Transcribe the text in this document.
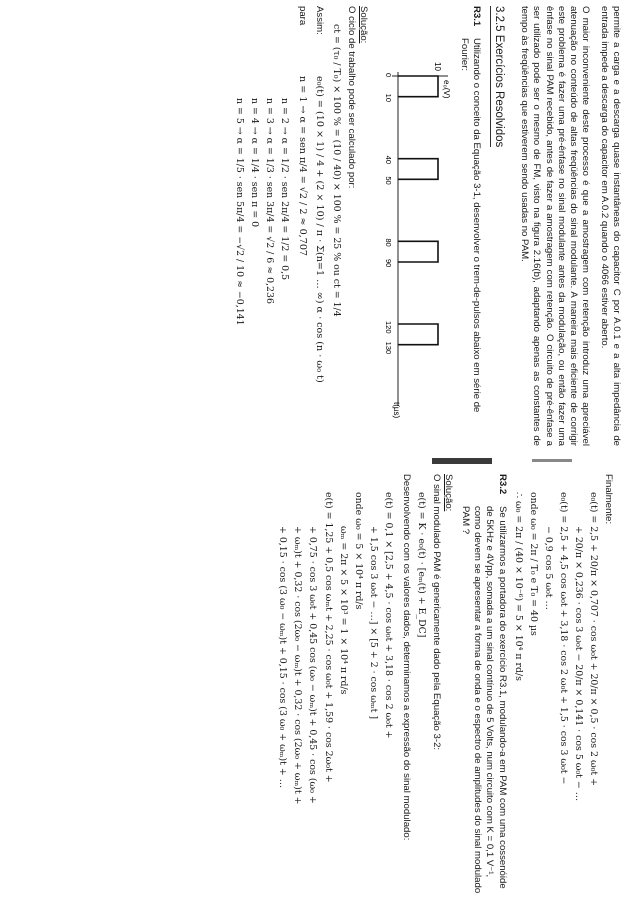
permite a carga e a descarga quase instantâneas do capacitor C por A.0.1 e a alta impedância de entrada impede a descarga do capacitor em A.0.2 quando o 4066 estiver aberto.

O maior inconveniente deste processo é que a amostragem com retenção introduz uma apreciável atenuação no conteúdo de altas freqüências do sinal modulante. A maneira mais eficiente de corrigir este problema é fazer uma pré-ênfase no sinal modulante antes da modulação, ou então fazer uma ênfase no sinal PAM recebido, antes de fazer a amostragem com retenção. O circuito de pré-ênfase a ser utilizado pode ser o mesmo de FM, visto na figura 2.16(b), adaptando apenas as constantes de tempo às freqüências que estiverem sendo usadas no PAM.

3.2.5 Exercícios Resolvidos
R3.1
Utilizando o conceito da Equação 3-1, desenvolver o trem-de-pulsos abaixo em série de Fourier:
e₀(V)
10
t(µs)
0
10
40
50
80
90
120
130
Solução:
O ciclo de trabalho pode ser calculado por:
ct = (τ₀ / T₀) × 100 % = (10 / 40) × 100 % = 25 % ou ct = 1/4
Assim:
e₀(t) = (10 × 1) / 4 + (2 × 10) / π · Σ(n=1 … ∞) α · cos (n · ω₀ t)
para
n = 1 → α = sen π/4 = √2 / 2 ≈ 0,707
n = 2 → α = 1/2 · sen 2π/4 = 1/2 = 0,5
n = 3 → α = 1/3 · sen 3π/4 = √2 / 6 ≈ 0,236
n = 4 → α = 1/4 · sen π = 0
n = 5 → α = 1/5 · sen 5π/4 = −√2 / 10 ≈ −0,141
Finalmente:
e₀(t) = 2,5 + 20/π × 0,707 · cos ω₀t + 20/π × 0,5 · cos 2 ω₀t +
+ 20/π × 0,236 · cos 3 ω₀t − 20/π × 0,141 · cos 5 ω₀t − …
e₀(t) = 2,5 + 4,5 cos ω₀t + 3,18 · cos 2 ω₀t + 1,5 · cos 3 ω₀t −
− 0,9 cos 5 ω₀t …
onde ω₀ = 2π / T₀ e T₀ = 40 µs
∴ ω₀ = 2π / (40 × 10⁻⁶) = 5 × 10⁴ π rd/s
R3.2
Se utilizarmos a portadora do exercício R3.1, modulando-a em PAM com uma cossenóide de 5KHz e 4Vpp, somada a um sinal contínuo de 5 Volts, num circuito com K = 0,1 V⁻¹, como devem se apresentar a forma de onda e o espectro de amplitudes do sinal modulado PAM ?
Solução:
O sinal modulado PAM é genericamente dado pela Equação 3-2:
e(t) = K · e₀(t) · [eₘ(t) + E_DC]

Desenvolvendo com os valores dados, determinamos a expressão do sinal modulado:

e(t) = 0,1 × [2,5 + 4,5 · cos ω₀t + 3,18 · cos 2 ω₀t +
+ 1,5 cos 3 ω₀t − …] × [5 + 2 · cos ωₘt ]
onde ω₀ = 5 × 10⁴ π rd/s
ωₘ = 2π × 5 × 10³ = 1 × 10⁴ π rd/s
e(t) = 1,25 + 0,5 cos ωₘt + 2,25 · cos ω₀t + 1,59 · cos 2ω₀t +
+ 0,75 · cos 3 ω₀t + 0,45 cos (ω₀ − ωₘ)t + 0,45 · cos (ω₀ +
+ ωₘ)t + 0,32 · cos (2ω₀ − ωₘ)t + 0,32 · cos (2ω₀ + ωₘ)t +
+ 0,15 · cos (3 ω₀ − ωₘ)t + 0,15 · cos (3 ω₀ + ωₘ)t + …
